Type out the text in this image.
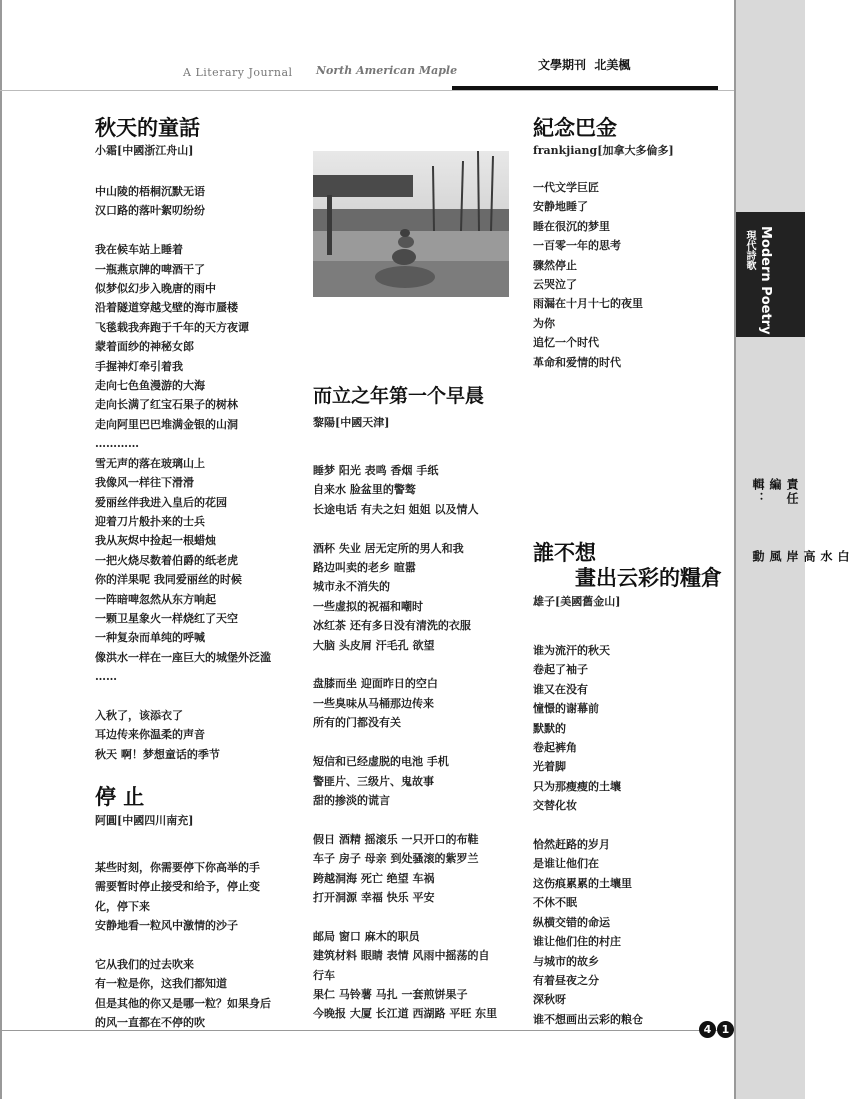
A Literary Journal North American Maple	文學期刊  北美楓
Modern Poetry
現代詩歌
責任編輯：
白水 高岸 風動
秋天的童話
小霜[中國浙江舟山]
中山陵的梧桐沉默无语
汉口路的落叶絮叨纷纷

我在候车站上睡着
一瓶燕京牌的啤酒干了
似梦似幻步入晚唐的雨中
沿着隧道穿越戈壁的海市蜃楼
飞毯载我奔跑于千年的天方夜谭
蒙着面纱的神秘女郎
手握神灯牵引着我
走向七色鱼漫游的大海
走向长满了红宝石果子的树林
走向阿里巴巴堆满金银的山洞
…………
雪无声的落在玻璃山上
我像风一样往下滑滑
爱丽丝伴我进入皇后的花园
迎着刀片般扑来的士兵
我从灰烬中捡起一根蜡烛
一把火烧尽数着伯爵的纸老虎
你的洋果呢 我同爱丽丝的时候
一阵暗啤忽然从东方响起
一颗卫星象火一样烧红了天空
一种复杂而单纯的呼喊
像洪水一样在一座巨大的城堡外泛滥
……

入秋了，该添衣了
耳边传来你温柔的声音
秋天 啊！梦想童话的季节
停 止
阿圓[中國四川南充]
某些时刻，你需要停下你高举的手
需要暂时停止接受和给予，停止变
化，停下来
安静地看一粒风中激情的沙子

它从我们的过去吹来
有一粒是你，这我们都知道
但是其他的你又是哪一粒？如果身后
的风一直都在不停的吹
而立之年第一个早晨
黎陽[中國天津]
睡梦 阳光 表鸣 香烟 手纸
自来水 脸盆里的警骜
长途电话 有夫之妇 姐姐 以及情人

酒杯 失业 居无定所的男人和我
路边叫卖的老乡 暄嚣
城市永不消失的
一些虚拟的祝福和嘲时
冰红茶 还有多日没有清洗的衣服
大脑 头皮屑 汗毛孔 欲望

盘膝而坐 迎面昨日的空白
一些臭味从马桶那边传来
所有的门都没有关

短信和已经虚脱的电池 手机
警匪片、三级片、鬼故事
甜的掺淡的谎言

假日 酒精 摇滚乐 一只开口的布鞋
车子 房子 母亲 到处骚滚的紫罗兰
跨越洞海 死亡 绝望 车祸
打开洞源 幸福 快乐 平安

邮局 窗口 麻木的职员
建筑材料 眼睛 表情 风雨中摇荡的自
行车
果仁 马铃薯 马扎 一套煎饼果子
今晚报 大厦 长江道 西湖路 平旺 东里
紀念巴金
frankjiang[加拿大多倫多]
一代文学巨匠
安静地睡了
睡在很沉的梦里
一百零一年的思考
骤然停止
云哭泣了
雨漏在十月十七的夜里
为你
追忆一个时代
革命和爱情的时代
誰不想
畫出云彩的糧倉
雄子[美國舊金山]
谁为流汗的秋天
卷起了袖子
谁又在没有
憧憬的谢幕前
默默的
卷起裤角
光着脚
只为那瘦瘦的土壤
交替化妆

恰然赶路的岁月
是谁让他们在
这伤痕累累的土壤里
不休不眠
纵横交错的命运
谁让他们住的村庄
与城市的故乡
有着昼夜之分
深秋呀
谁不想画出云彩的粮仓
4 1
